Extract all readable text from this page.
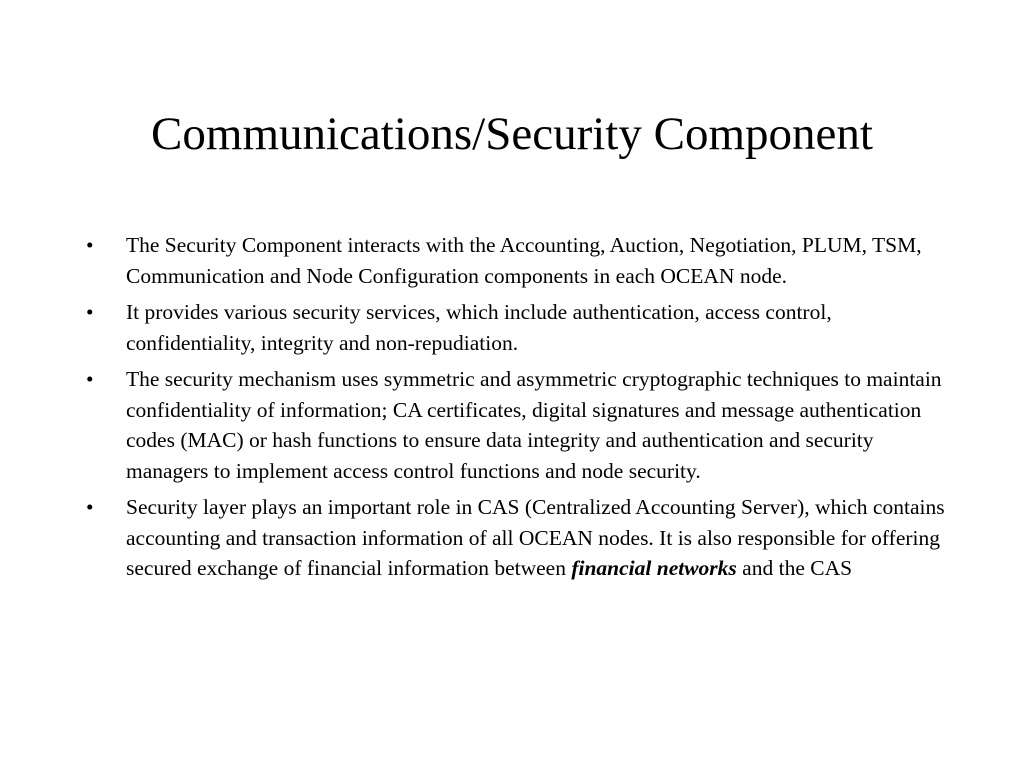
Communications/Security Component
•	The Security Component interacts with the Accounting, Auction, Negotiation, PLUM, TSM, Communication and Node Configuration components in each OCEAN node.
•	It provides various security services, which include authentication, access control, confidentiality, integrity and non-repudiation.
•	The security mechanism uses symmetric and asymmetric cryptographic techniques to maintain confidentiality of information; CA certificates, digital signatures and message authentication codes (MAC) or hash functions to ensure data integrity and authentication and security managers to implement access control functions and node security.
•	Security layer plays an important role in CAS (Centralized Accounting Server), which contains accounting and transaction information of all OCEAN nodes. It is also responsible for offering secured exchange of financial information between financial networks and the CAS
